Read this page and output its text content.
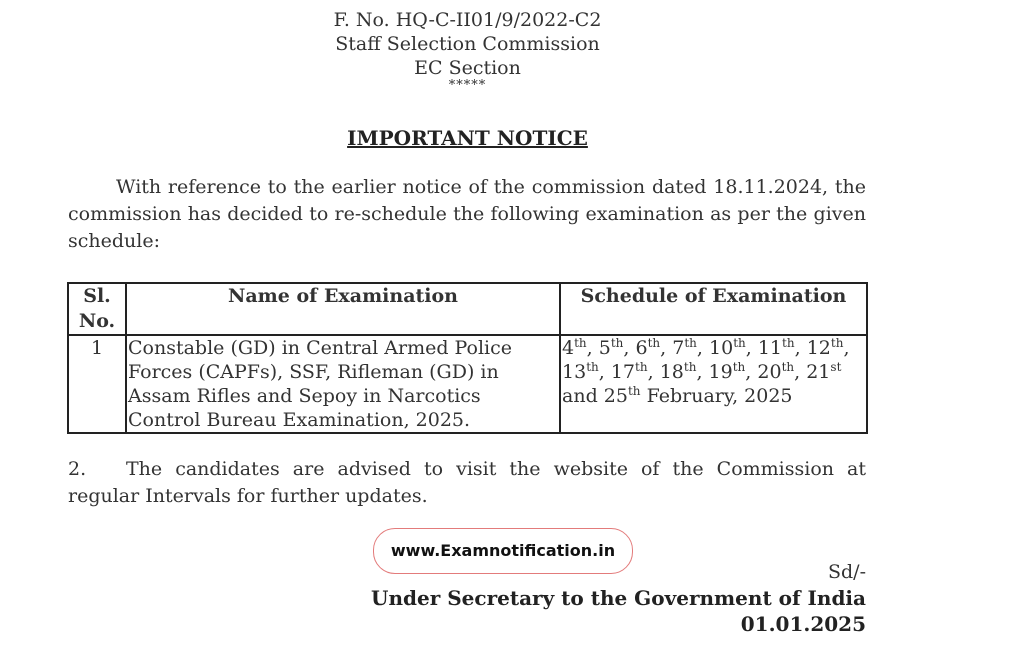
F. No. HQ-C-II01/9/2022-C2
Staff Selection Commission
EC Section
*****
IMPORTANT NOTICE
With reference to the earlier notice of the commission dated 18.11.2024, the commission has decided to re-schedule the following examination as per the given schedule:
Sl.
No.	Name of Examination	Schedule of Examination
1	Constable (GD) in Central Armed Police Forces (CAPFs), SSF, Rifleman (GD) in Assam Rifles and Sepoy in Narcotics Control Bureau Examination, 2025.	4th, 5th, 6th, 7th, 10th, 11th, 12th, 13th, 17th, 18th, 19th, 20th, 21st and 25th February, 2025
2. The candidates are advised to visit the website of the Commission at regular Intervals for further updates.
www.Examnotification.in
Sd/-
Under Secretary to the Government of India
01.01.2025
